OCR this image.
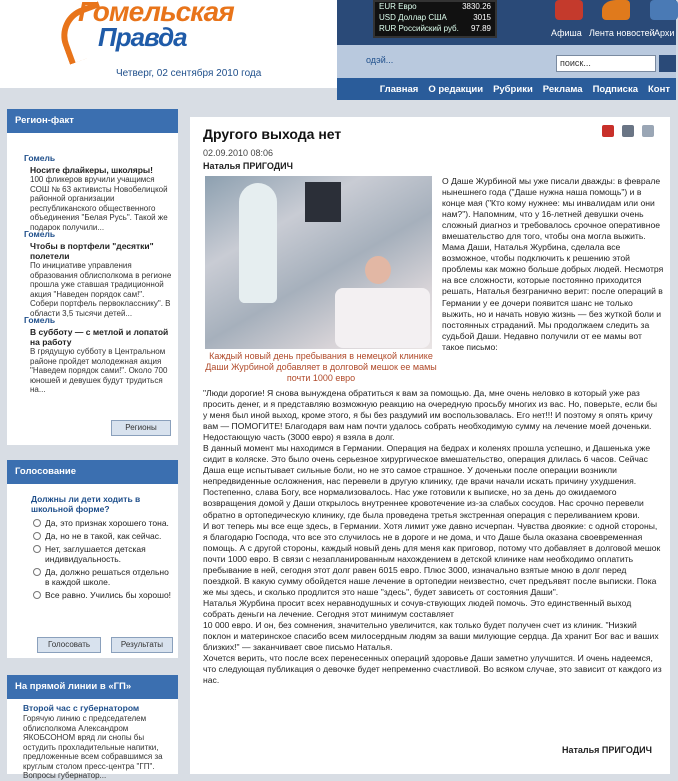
Гомельская
Правда
Четверг, 02 сентября 2010 года
EUR Евро	3830.26
USD Доллар США	3015
RUR Российский руб. 97.89	Афиша Лента новостей Архи
одэй...	поиск...
Главная О редакции Рубрики Реклама Подписка Конт
Регион-факт
Гомель
Носите флайкеры, школяры!
100 фликеров вручили учащимся СОШ № 63 активисты Новобелицкой районной организации республиканского общественного объединения "Белая Русь". Такой же подарок получили...
Гомель
Чтобы в портфели "десятки" полетели
По инициативе управления образования облисполкома в регионе прошла уже ставшая традиционной акция "Наведен порядок сам!". Собери портфель первокласснику". В области 3,5 тысячи детей...
Гомель
В субботу — с метлой и лопатой на работу
В грядущую субботу в Центральном районе пройдет молодежная акция "Наведем порядок сами!". Около 700 юношей и девушек будут трудиться на...
Регионы
Голосование
Должны ли дети ходить в школьной форме?
Да, это признак хорошего тона.
Да, но не в такой, как сейчас.
Нет, заглушается детская индивидуальность.
Да, должно решаться отдельно в каждой школе.
Все равно. Учились бы хорошо!
Голосовать	Результаты
На прямой линии в «ГП»
Второй час с губернатором
Горячую линию с председателем облисполкома Александром ЯКОБСОНОМ вряд ли снопы бы остудить прохладительные напитки, предложенные всем собравшимся за круглым столом пресс-центра "ГП". Вопросы губернатор...
Другого выхода нет
02.09.2010 08:06
Наталья ПРИГОДИЧ
Каждый новый день пребывания в немецкой клинике Даши Журбиной добавляет в долговой мешок ее мамы почти 1000 евро
О Даше Журбиной мы уже писали дважды: в феврале нынешнего года ("Даше нужна наша помощь") и в конце мая ("Кто кому нужнее: мы инвалидам или они нам?"). Напомним, что у 16-летней девушки очень сложный диагноз и требовалось срочное оперативное вмешательство для того, чтобы она могла выжить. Мама Даши, Наталья Журбина, сделала все возможное, чтобы подключить к решению этой проблемы как можно больше добрых людей. Несмотря на все сложности, которые постоянно приходится решать, Наталья безгранично верит: после операций в Германии у ее дочери появится шанс не только выжить, но и начать новую жизнь — без жуткой боли и постоянных страданий. Мы продолжаем следить за судьбой Даши. Недавно получили от ее мамы вот такое письмо:

"Люди дорогие! Я снова вынуждена обратиться к вам за помощью. Да, мне очень неловко в который уже раз просить денег, и я представляю возможную реакцию на очередную просьбу многих из вас. Но, поверьте, если бы у меня был иной выход, кроме этого, я бы без раздумий им воспользовалась. Его нет!!! И поэтому я опять кричу вам — ПОМОГИТЕ! Благодаря вам нам почти удалось собрать необходимую сумму на лечение моей доченьки. Недостающую часть (3000 евро) я взяла в долг.

В данный момент мы находимся в Германии. Операция на бедрах и коленях прошла успешно, и Дашенька уже сидит в коляске. Это было очень серьезное хирургическое вмешательство, операция длилась 6 часов. Сейчас Даша еще испытывает сильные боли, но не это самое страшное. У доченьки после операции возникли непредвиденные осложнения, нас перевели в другую клинику, где врачи начали искать причину ухудшения. Постепенно, слава Богу, все нормализовалось. Нас уже готовили к выписке, но за день до ожидаемого возвращения домой у Даши открылось внутреннее кровотечение из-за слабых сосудов. Нас срочно перевели обратно в ортопедическую клинику, где была проведена третья экстренная операция с переливанием крови.

И вот теперь мы все еще здесь, в Германии. Хотя лимит уже давно исчерпан. Чувства двоякие: с одной стороны, я благодарю Господа, что все это случилось не в дороге и не дома, и что Даше была оказана своевременная помощь. А с другой стороны, каждый новый день для меня как приговор, потому что добавляет в долговой мешок почти 1000 евро. В связи с незапланированным нахождением в детской клинике нам необходимо оплатить пребывание в ней, сегодня этот долг равен 6015 евро. Плюс 3000, изначально взятые мною в долг перед поездкой. В какую сумму обойдется наше лечение в ортопедии неизвестно, счет предъявят после выписки. Пока же мы здесь, и сколько продлится это наше "здесь", будет зависеть от состояния Даши".

Наталья Журбина просит всех неравнодушных и сочув-ствующих людей помочь. Это единственный выход собрать деньги на лечение. Сегодня этот минимум составляет

10 000 евро. И он, без сомнения, значительно увеличится, как только будет получен счет из клиник. "Низкий поклон и материнское спасибо всем милосердным людям за ваши милующие сердца. Да хранит Бог вас и ваших близких!" — заканчивает свое письмо Наталья.

Хочется верить, что после всех перенесенных операций здоровье Даши заметно улучшится. И очень надеемся, что следующая публикация о девочке будет непременно счастливой. Во всяком случае, это зависит от каждого из нас.

Наталья ПРИГОДИЧ
